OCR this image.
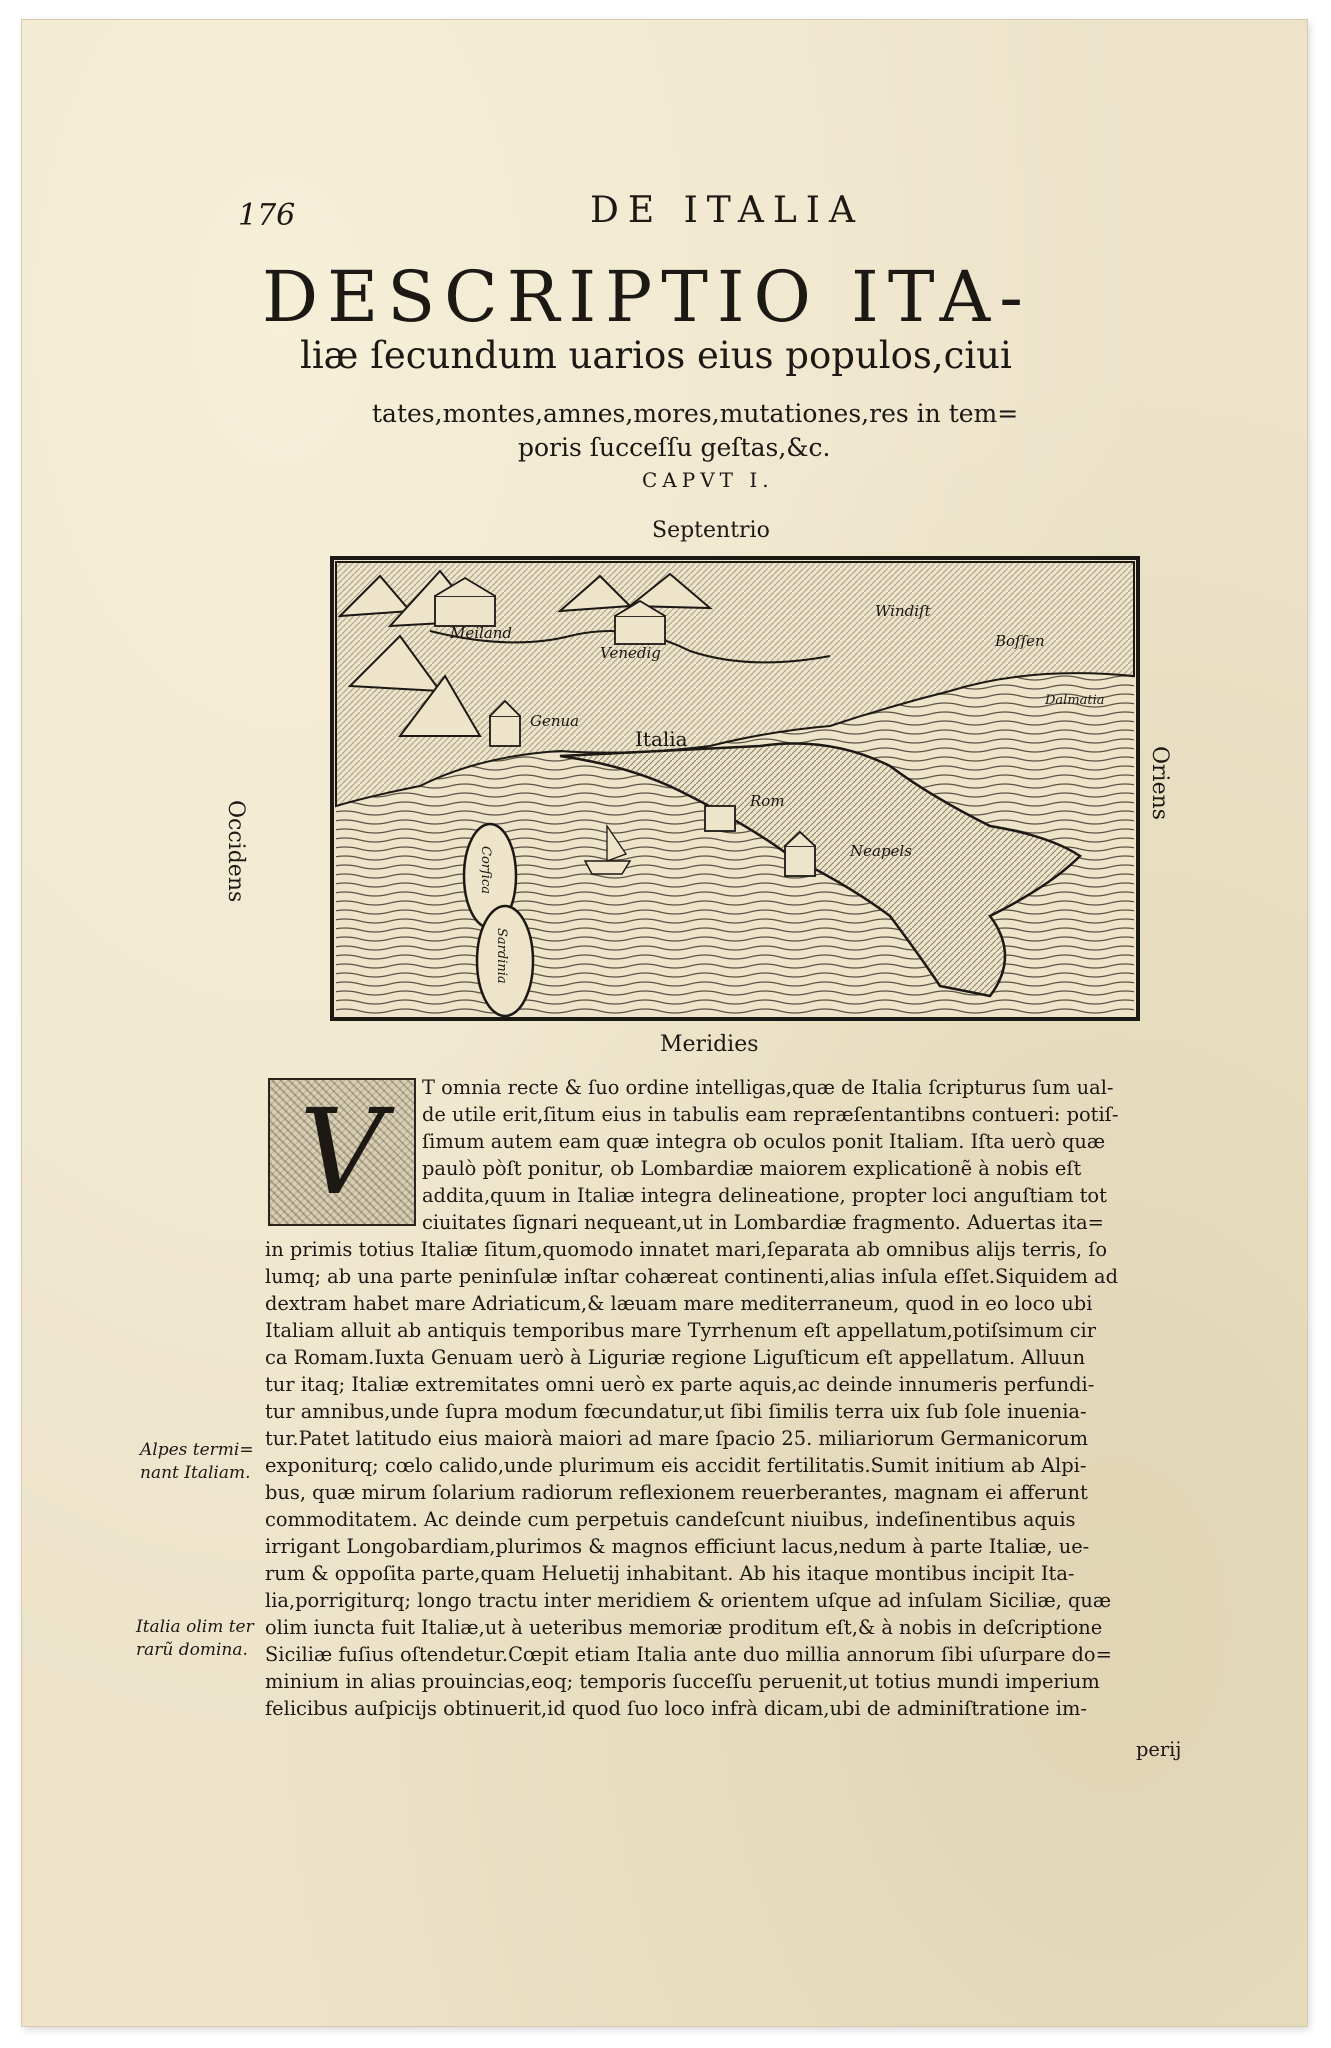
176	DE ITALIA
DESCRIPTIO ITA-
liæ ſecundum uarios eius populos,ciui
tates,montes,amnes,mores,mutationes,res in tem=
poris ſucceſſu geſtas,&c.
CAPVT I.
Septentrio
Meridies
Occidens
Oriens
Meiland
Venedig
Windiſt
Boſſen
Dalmatia
Genua
Italia
Rom
Neapels
Corſica
Sardinia
V T omnia recte & ſuo ordine intelligas,quæ de Italia ſcripturus ſum ual-
de utile erit,ſitum eius in tabulis eam repræſentantibns contueri: potiſ-
ſimum autem eam quæ integra ob oculos ponit Italiam. Iſta uerò quæ
paulò pòſt ponitur, ob Lombardiæ maiorem explicationẽ à nobis eſt
addita,quum in Italiæ integra delineatione, propter loci anguſtiam tot
ciuitates ſignari nequeant,ut in Lombardiæ fragmento. Aduertas ita=
in primis totius Italiæ ſitum,quomodo innatet mari,ſeparata ab omnibus alijs terris, ſo
lumq; ab una parte peninſulæ inſtar cohæreat continenti,alias inſula eſſet.Siquidem ad
dextram habet mare Adriaticum,& læuam mare mediterraneum, quod in eo loco ubi
Italiam alluit ab antiquis temporibus mare Tyrrhenum eſt appellatum,potiſsimum cir
ca Romam.Iuxta Genuam uerò à Liguriæ regione Liguſticum eſt appellatum. Alluun
tur itaq; Italiæ extremitates omni uerò ex parte aquis,ac deinde innumeris perfundi-
tur amnibus,unde ſupra modum fœcundatur,ut ſibi ſimilis terra uix ſub ſole inuenia-
tur.Patet latitudo eius maiorà maiori ad mare ſpacio 25. miliariorum Germanicorum
exponiturq; cœlo calido,unde plurimum eis accidit fertilitatis.Sumit initium ab Alpi-
bus, quæ mirum ſolarium radiorum reflexionem reuerberantes, magnam ei afferunt
commoditatem. Ac deinde cum perpetuis candeſcunt niuibus, indeſinentibus aquis
irrigant Longobardiam,plurimos & magnos efficiunt lacus,nedum à parte Italiæ, ue-
rum & oppoſita parte,quam Heluetij inhabitant. Ab his itaque montibus incipit Ita-
lia,porrigiturq; longo tractu inter meridiem & orientem uſque ad inſulam Siciliæ, quæ
olim iuncta fuit Italiæ,ut à ueteribus memoriæ proditum eſt,& à nobis in deſcriptione
Siciliæ fuſius oſtendetur.Cœpit etiam Italia ante duo millia annorum ſibi uſurpare do=
minium in alias prouincias,eoq; temporis ſucceſſu peruenit,ut totius mundi imperium
felicibus auſpicijs obtinuerit,id quod ſuo loco infrà dicam,ubi de adminiſtratione im-
perij
Alpes termi=
nant Italiam.
Italia olim ter
rarũ domina.
